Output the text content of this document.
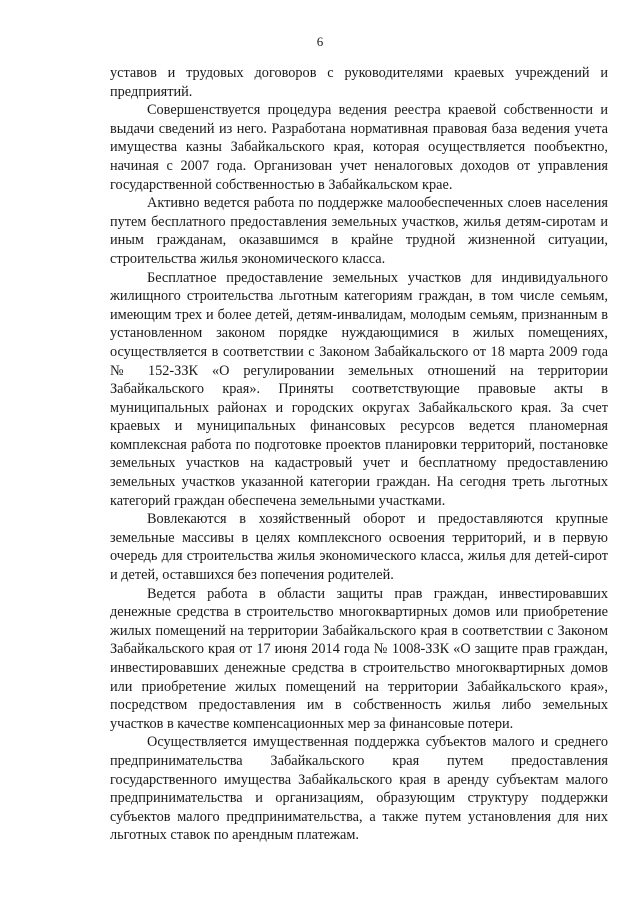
6

уставов и трудовых договоров с руководителями краевых учреждений и предприятий.

Совершенствуется процедура ведения реестра краевой собственности и выдачи сведений из него. Разработана нормативная правовая база ведения учета имущества казны Забайкальского края, которая осуществляется пообъектно, начиная с 2007 года. Организован учет неналоговых доходов от управления государственной собственностью в Забайкальском крае.

Активно ведется работа по поддержке малообеспеченных слоев населения путем бесплатного предоставления земельных участков, жилья детям-сиротам и иным гражданам, оказавшимся в крайне трудной жизненной ситуации, строительства жилья экономического класса.

Бесплатное предоставление земельных участков для индивидуального жилищного строительства льготным категориям граждан, в том числе семьям, имеющим трех и более детей, детям-инвалидам, молодым семьям, признанным в установленном законом порядке нуждающимися в жилых помещениях, осуществляется в соответствии с Законом Забайкальского от 18 марта 2009 года № 152-ЗЗК «О регулировании земельных отношений на территории Забайкальского края». Приняты соответствующие правовые акты в муниципальных районах и городских округах Забайкальского края. За счет краевых и муниципальных финансовых ресурсов ведется планомерная комплексная работа по подготовке проектов планировки территорий, постановке земельных участков на кадастровый учет и бесплатному предоставлению земельных участков указанной категории граждан. На сегодня треть льготных категорий граждан обеспечена земельными участками.

Вовлекаются в хозяйственный оборот и предоставляются крупные земельные массивы в целях комплексного освоения территорий, и в первую очередь для строительства жилья экономического класса, жилья для детей-сирот и детей, оставшихся без попечения родителей.

Ведется работа в области защиты прав граждан, инвестировавших денежные средства в строительство многоквартирных домов или приобретение жилых помещений на территории Забайкальского края в соответствии с Законом Забайкальского края от 17 июня 2014 года № 1008-ЗЗК «О защите прав граждан, инвестировавших денежные средства в строительство многоквартирных домов или приобретение жилых помещений на территории Забайкальского края», посредством предоставления им в собственность жилья либо земельных участков в качестве компенсационных мер за финансовые потери.

Осуществляется имущественная поддержка субъектов малого и среднего предпринимательства Забайкальского края путем предоставления государственного имущества Забайкальского края в аренду субъектам малого предпринимательства и организациям, образующим структуру поддержки субъектов малого предпринимательства, а также путем установления для них льготных ставок по арендным платежам.
